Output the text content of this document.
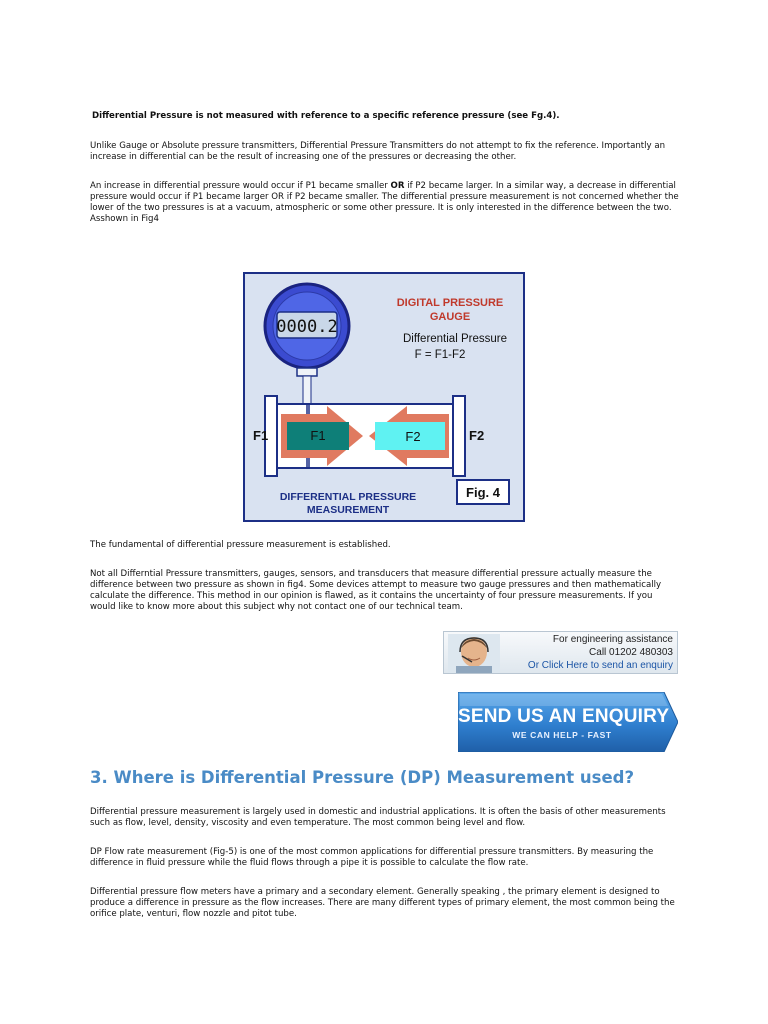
Differential Pressure is not measured with reference to a specific reference pressure (see Fg.4).

Unlike Gauge or Absolute pressure transmitters, Differential Pressure Transmitters do not attempt to fix the reference. Importantly an increase in differential can be the result of increasing one of the pressures or decreasing the other.

An increase in differential pressure would occur if P1 became smaller OR if P2 became larger. In a similar way, a decrease in differential pressure would occur if P1 became larger OR if P2 became smaller. The differential pressure measurement is not concerned whether the lower of the two pressures is at a vacuum, atmospheric or some other pressure. It is only interested in the difference between the two. Asshown in Fig4

0000.2
DIGITAL PRESSURE
GAUGE
Differential Pressure
F = F1-F2
F1	F2
F1	F2
DIFFERENTIAL PRESSURE
MEASUREMENT
Fig. 4

The fundamental of differential pressure measurement is established.

Not all Differntial Pressure transmitters, gauges, sensors, and transducers that measure differential pressure actually measure the difference between two pressure as shown in fig4. Some devices attempt to measure two gauge pressures and then mathematically calculate the difference. This method in our opinion is flawed, as it contains the uncertainty of four pressure measurements. If you would like to know more about this subject why not contact one of our technical team.

For engineering assistance
Call 01202 480303
Or Click Here to send an enquiry
SEND US AN ENQUIRY
WE CAN HELP - FAST
3. Where is Differential Pressure (DP) Measurement used?

Differential pressure measurement is largely used in domestic and industrial applications. It is often the basis of other measurements such as flow, level, density, viscosity and even temperature. The most common being level and flow.

DP Flow rate measurement (Fig-5) is one of the most common applications for differential pressure transmitters. By measuring the difference in fluid pressure while the fluid flows through a pipe it is possible to calculate the flow rate.

Differential pressure flow meters have a primary and a secondary element. Generally speaking , the primary element is designed to produce a difference in pressure as the flow increases. There are many different types of primary element, the most common being the orifice plate, venturi, flow nozzle and pitot tube.
